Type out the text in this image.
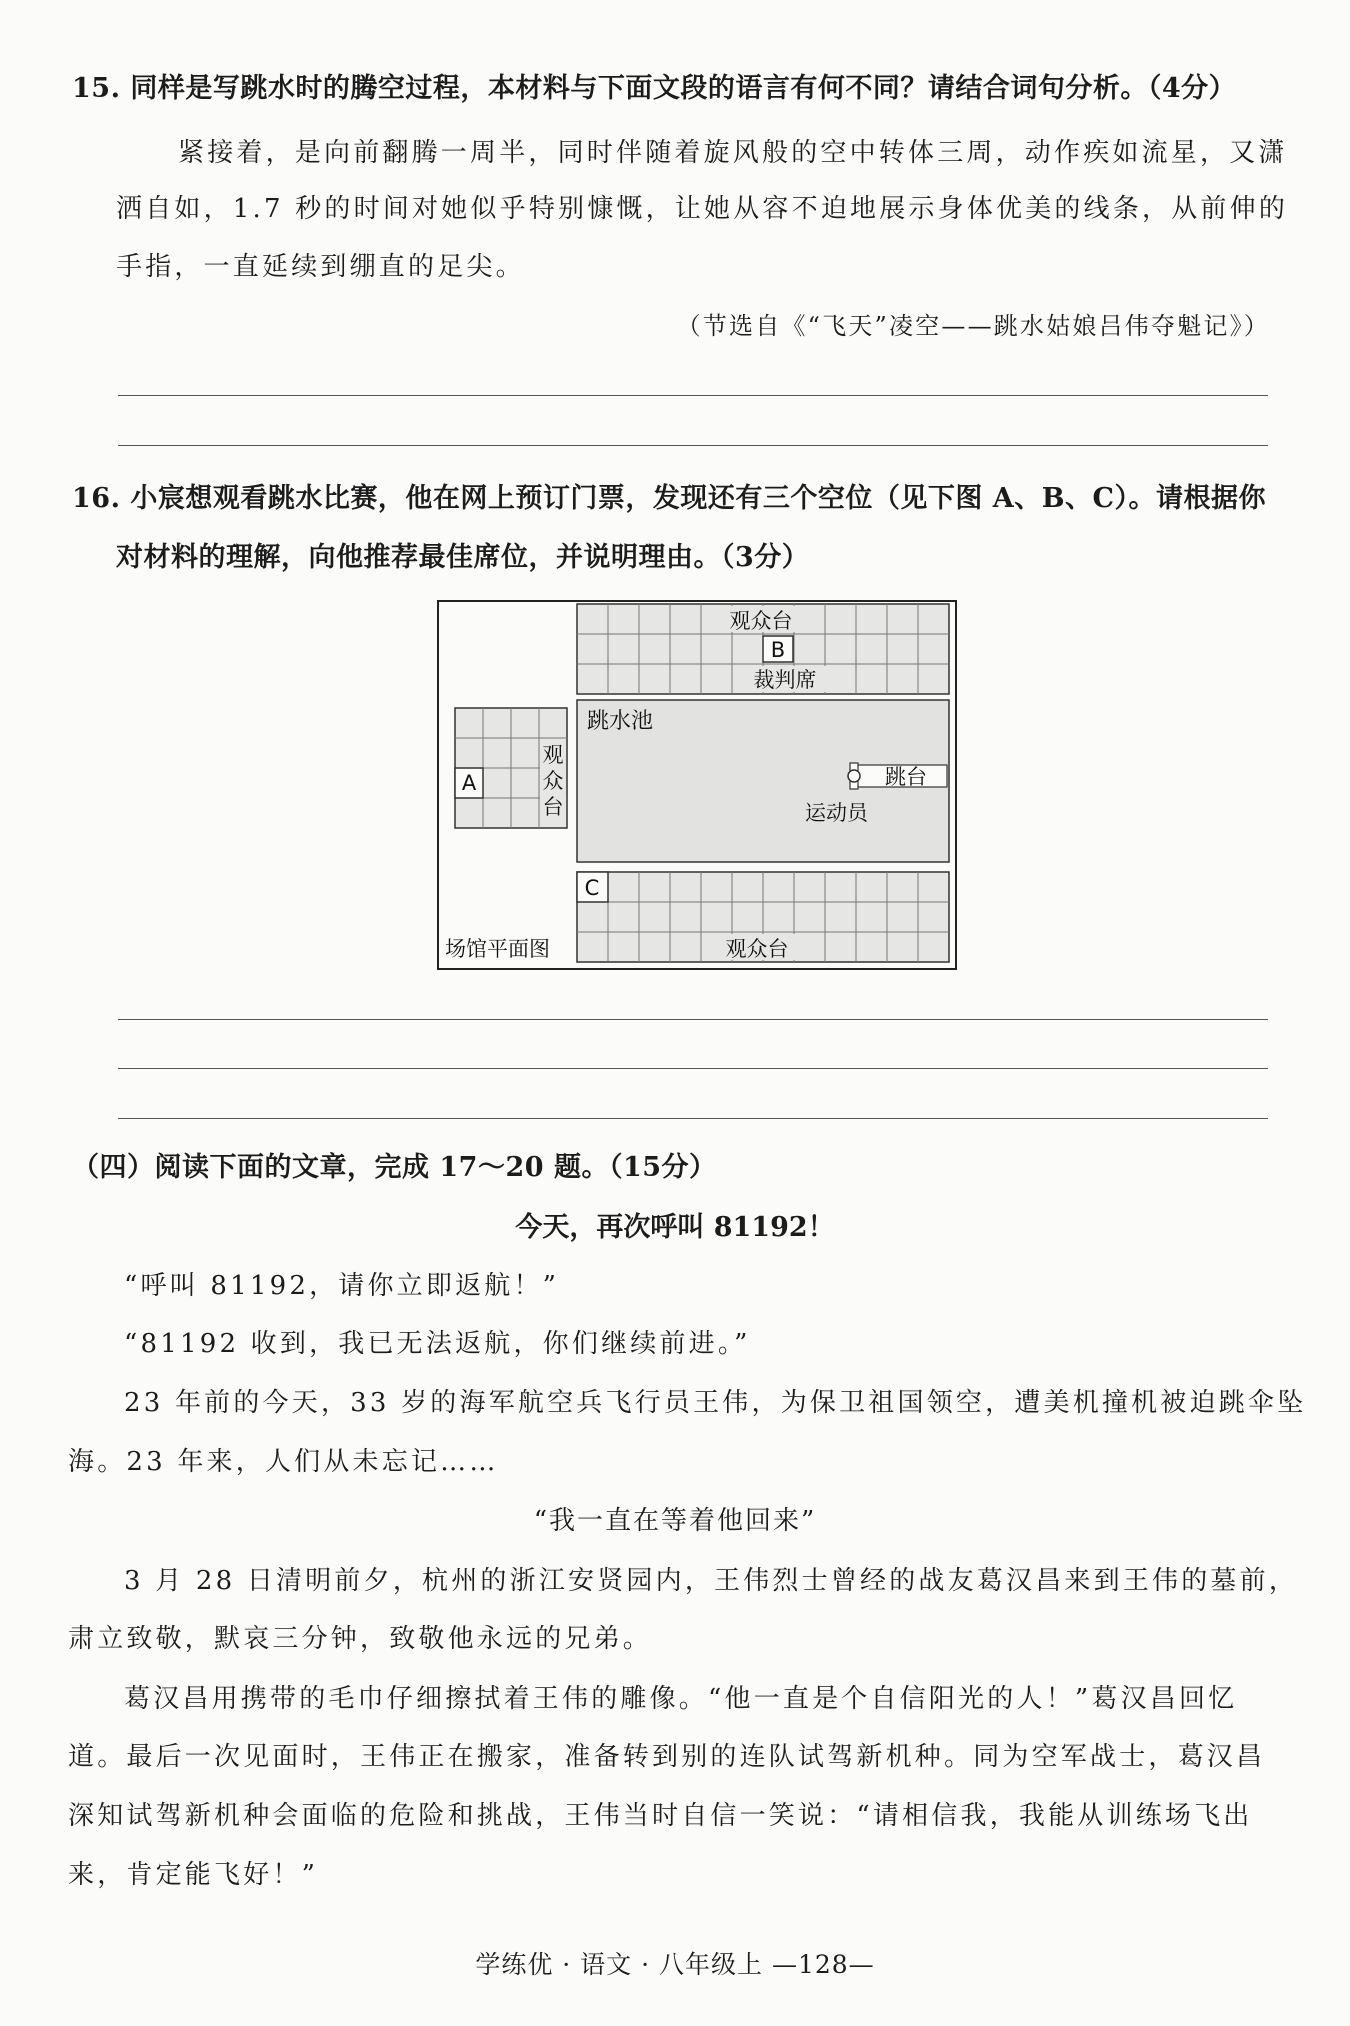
15. 同样是写跳水时的腾空过程，本材料与下面文段的语言有何不同？请结合词句分析。（4分）
紧接着，是向前翻腾一周半，同时伴随着旋风般的空中转体三周，动作疾如流星，又潇
洒自如，1.7 秒的时间对她似乎特别慷慨，让她从容不迫地展示身体优美的线条，从前伸的
手指，一直延续到绷直的足尖。
（节选自《“飞天”凌空——跳水姑娘吕伟夺魁记》）
16. 小宸想观看跳水比赛，他在网上预订门票，发现还有三个空位（见下图 A、B、C）。请根据你
对材料的理解，向他推荐最佳席位，并说明理由。（3分）
观众台
B
裁判席
跳水池
跳台
运动员
A
观
众
台
C
观众台
场馆平面图
（四）阅读下面的文章，完成 17～20 题。（15分）
今天，再次呼叫 81192！
“呼叫 81192，请你立即返航！”
“81192 收到，我已无法返航，你们继续前进。”
23 年前的今天，33 岁的海军航空兵飞行员王伟，为保卫祖国领空，遭美机撞机被迫跳伞坠
海。23 年来，人们从未忘记……
“我一直在等着他回来”
3 月 28 日清明前夕，杭州的浙江安贤园内，王伟烈士曾经的战友葛汉昌来到王伟的墓前，
肃立致敬，默哀三分钟，致敬他永远的兄弟。
葛汉昌用携带的毛巾仔细擦拭着王伟的雕像。“他一直是个自信阳光的人！”葛汉昌回忆
道。最后一次见面时，王伟正在搬家，准备转到别的连队试驾新机种。同为空军战士，葛汉昌
深知试驾新机种会面临的危险和挑战，王伟当时自信一笑说：“请相信我，我能从训练场飞出
来，肯定能飞好！”
学练优 · 语文 · 八年级上 —128—
